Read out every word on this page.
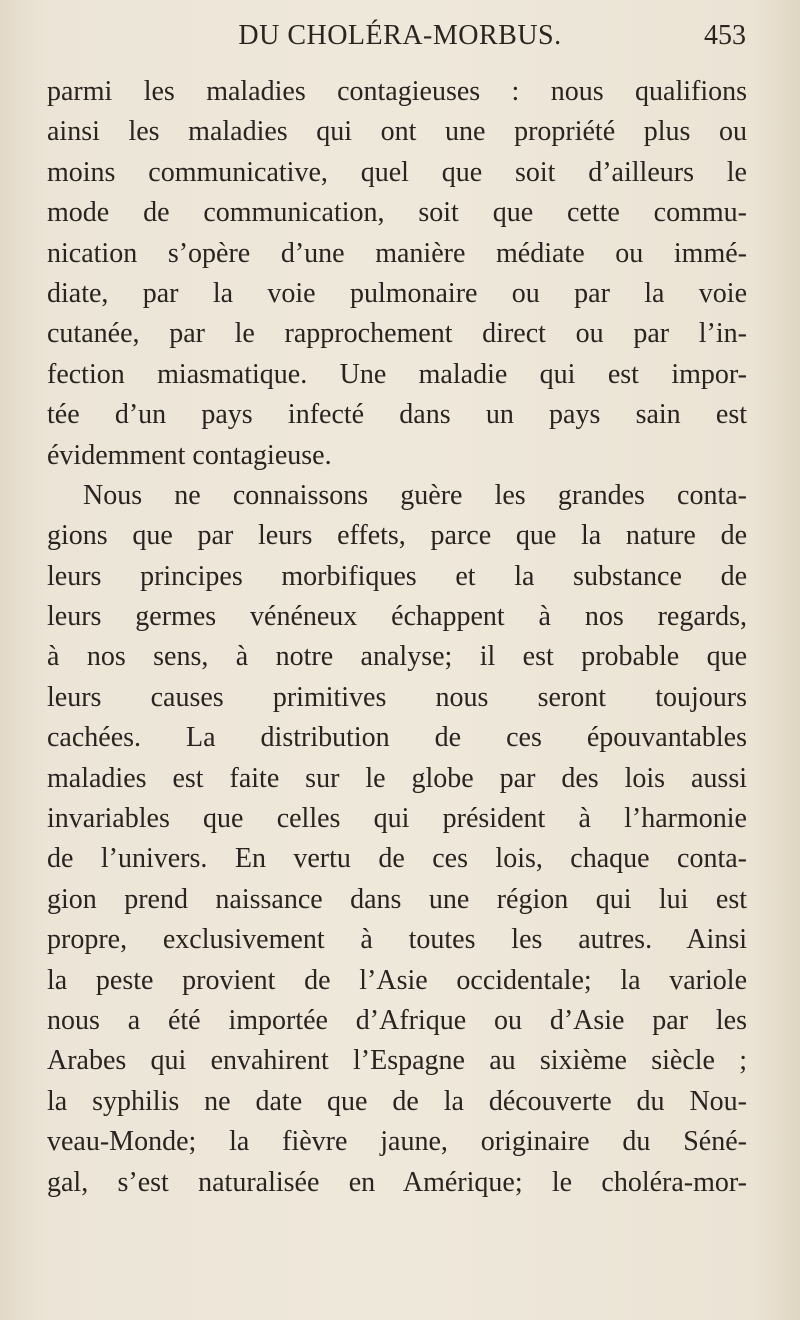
DU CHOLÉRA-MORBUS.	453
parmi les maladies contagieuses : nous qualifions
ainsi les maladies qui ont une propriété plus ou
moins communicative, quel que soit d’ailleurs le
mode de communication, soit que cette commu-
nication s’opère d’une manière médiate ou immé-
diate, par la voie pulmonaire ou par la voie
cutanée, par le rapprochement direct ou par l’in-
fection miasmatique. Une maladie qui est impor-
tée d’un pays infecté dans un pays sain est
évidemment contagieuse.
Nous ne connaissons guère les grandes conta-
gions que par leurs effets, parce que la nature de
leurs principes morbifiques et la substance de
leurs germes vénéneux échappent à nos regards,
à nos sens, à notre analyse; il est probable que
leurs causes primitives nous seront toujours
cachées. La distribution de ces épouvantables
maladies est faite sur le globe par des lois aussi
invariables que celles qui président à l’harmonie
de l’univers. En vertu de ces lois, chaque conta-
gion prend naissance dans une région qui lui est
propre, exclusivement à toutes les autres. Ainsi
la peste provient de l’Asie occidentale; la variole
nous a été importée d’Afrique ou d’Asie par les
Arabes qui envahirent l’Espagne au sixième siècle ;
la syphilis ne date que de la découverte du Nou-
veau-Monde; la fièvre jaune, originaire du Séné-
gal, s’est naturalisée en Amérique; le choléra-mor-
